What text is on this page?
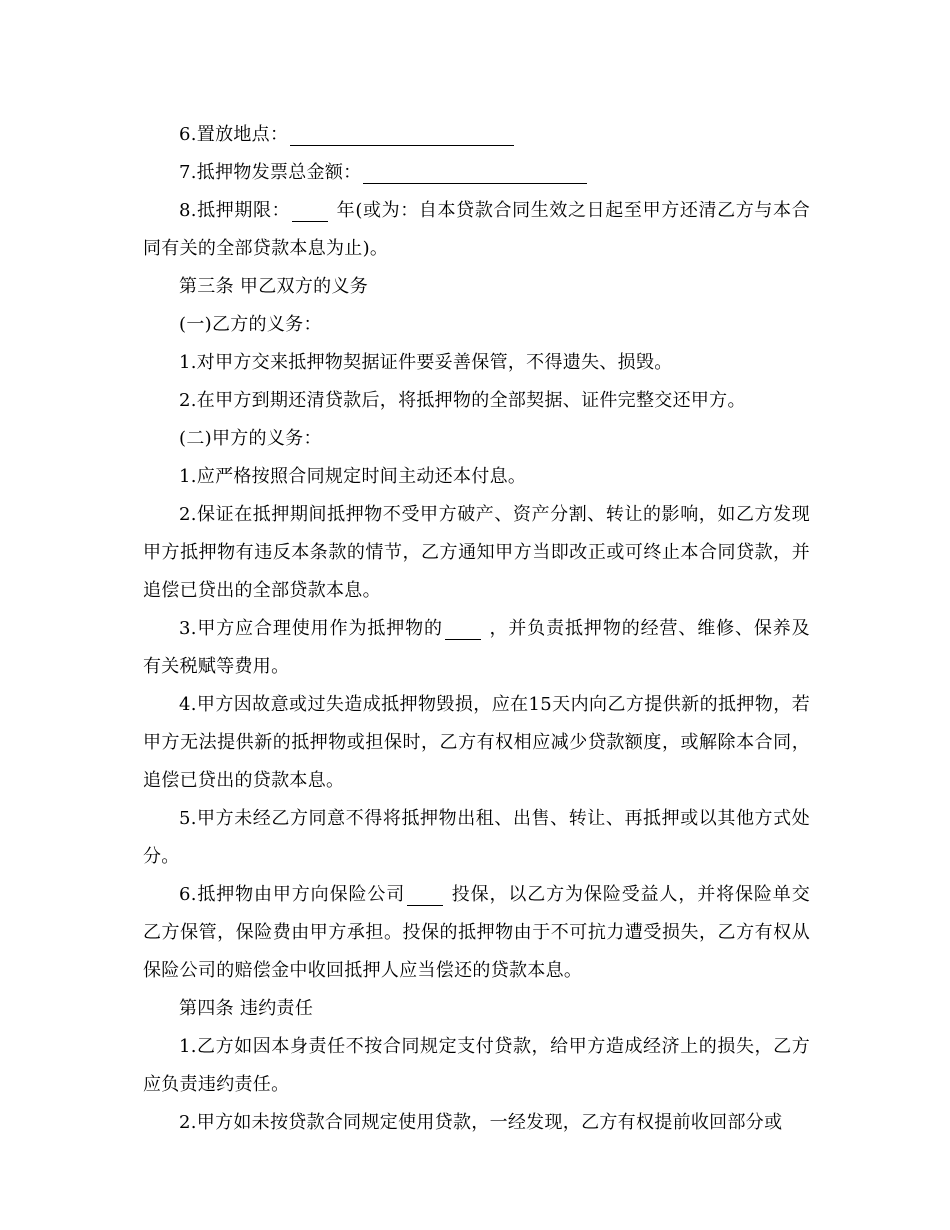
6.置放地点：

7.抵押物发票总金额：

8.抵押期限： 年(或为：自本贷款合同生效之日起至甲方还清乙方与本合同有关的全部贷款本息为止)。

第三条 甲乙双方的义务

(一)乙方的义务：

1.对甲方交来抵押物契据证件要妥善保管，不得遗失、损毁。

2.在甲方到期还清贷款后，将抵押物的全部契据、证件完整交还甲方。

(二)甲方的义务：

1.应严格按照合同规定时间主动还本付息。

2.保证在抵押期间抵押物不受甲方破产、资产分割、转让的影响，如乙方发现甲方抵押物有违反本条款的情节，乙方通知甲方当即改正或可终止本合同贷款，并追偿已贷出的全部贷款本息。

3.甲方应合理使用作为抵押物的 ，并负责抵押物的经营、维修、保养及有关税赋等费用。

4.甲方因故意或过失造成抵押物毁损，应在15天内向乙方提供新的抵押物，若甲方无法提供新的抵押物或担保时，乙方有权相应减少贷款额度，或解除本合同，追偿已贷出的贷款本息。

5.甲方未经乙方同意不得将抵押物出租、出售、转让、再抵押或以其他方式处分。

6.抵押物由甲方向保险公司 投保，以乙方为保险受益人，并将保险单交乙方保管，保险费由甲方承担。投保的抵押物由于不可抗力遭受损失，乙方有权从保险公司的赔偿金中收回抵押人应当偿还的贷款本息。

第四条 违约责任

1.乙方如因本身责任不按合同规定支付贷款，给甲方造成经济上的损失，乙方应负责违约责任。

2.甲方如未按贷款合同规定使用贷款，一经发现，乙方有权提前收回部分或
